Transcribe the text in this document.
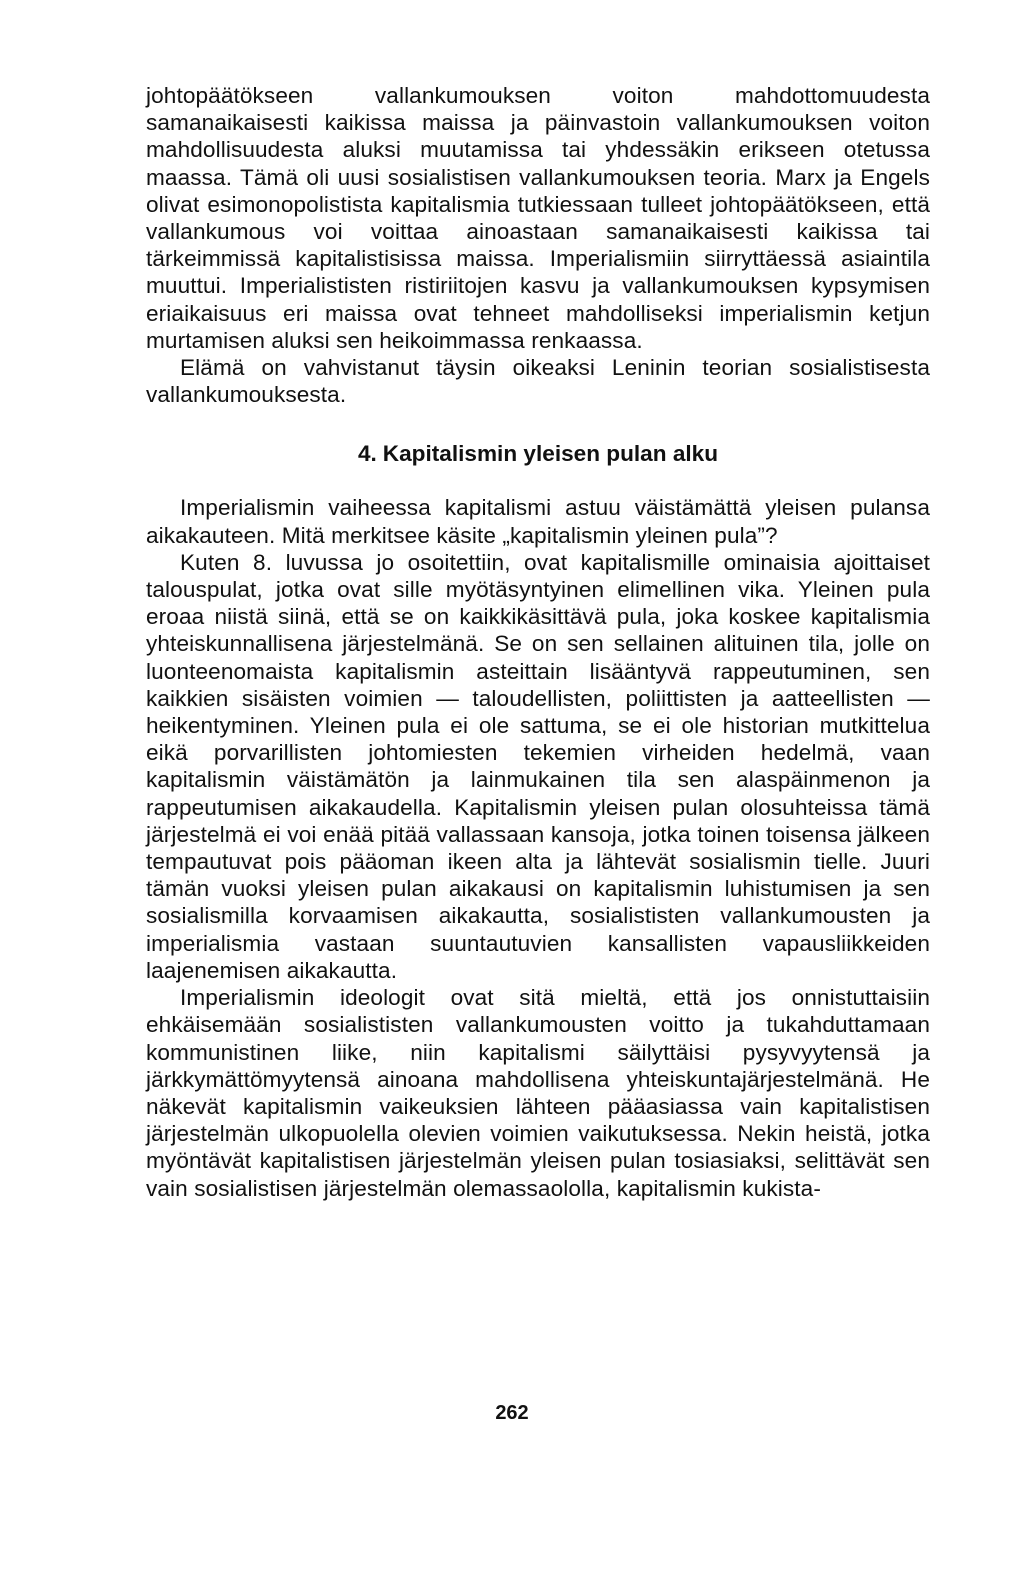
johtopäätökseen vallankumouksen voiton mahdottomuudesta samanaikaisesti kaikissa maissa ja päinvastoin vallankumouksen voiton mahdollisuudesta aluksi muutamissa tai yhdessäkin erikseen otetussa maassa. Tämä oli uusi sosialistisen vallankumouksen teoria. Marx ja Engels olivat esimonopolistista kapitalismia tutkiessaan tulleet johtopäätökseen, että vallankumous voi voittaa ainoastaan samanaikaisesti kaikissa tai tärkeimmissä kapitalistisissa maissa. Imperialismiin siirryttäessä asiaintila muuttui. Imperialististen ristiriitojen kasvu ja vallankumouksen kypsymisen eriaikaisuus eri maissa ovat tehneet mahdolliseksi imperialismin ketjun murtamisen aluksi sen heikoimmassa renkaassa.

Elämä on vahvistanut täysin oikeaksi Leninin teorian sosialistisesta vallankumouksesta.

4. Kapitalismin yleisen pulan alku

Imperialismin vaiheessa kapitalismi astuu väistämättä yleisen pulansa aikakauteen. Mitä merkitsee käsite „kapitalismin yleinen pula”?

Kuten 8. luvussa jo osoitettiin, ovat kapitalismille ominaisia ajoittaiset talouspulat, jotka ovat sille myötäsyntyinen elimellinen vika. Yleinen pula eroaa niistä siinä, että se on kaikkikäsittävä pula, joka koskee kapitalismia yhteiskunnallisena järjestelmänä. Se on sen sellainen alituinen tila, jolle on luonteenomaista kapitalismin asteittain lisääntyvä rappeutuminen, sen kaikkien sisäisten voimien — taloudellisten, poliittisten ja aatteellisten — heikentyminen. Yleinen pula ei ole sattuma, se ei ole historian mutkittelua eikä porvarillisten johtomiesten tekemien virheiden hedelmä, vaan kapitalismin väistämätön ja lainmukainen tila sen alaspäinmenon ja rappeutumisen aikakaudella. Kapitalismin yleisen pulan olosuhteissa tämä järjestelmä ei voi enää pitää vallassaan kansoja, jotka toinen toisensa jälkeen tempautuvat pois pääoman ikeen alta ja lähtevät sosialismin tielle. Juuri tämän vuoksi yleisen pulan aikakausi on kapitalismin luhistumisen ja sen sosialismilla korvaamisen aikakautta, sosialististen vallankumousten ja imperialismia vastaan suuntautuvien kansallisten vapausliikkeiden laajenemisen aikakautta.

Imperialismin ideologit ovat sitä mieltä, että jos onnistuttaisiin ehkäisemään sosialististen vallankumousten voitto ja tukahduttamaan kommunistinen liike, niin kapitalismi säilyttäisi pysyvyytensä ja järkkymättömyytensä ainoana mahdollisena yhteiskuntajärjestelmänä. He näkevät kapitalismin vaikeuksien lähteen pääasiassa vain kapitalistisen järjestelmän ulkopuolella olevien voimien vaikutuksessa. Nekin heistä, jotka myöntävät kapitalistisen järjestelmän yleisen pulan tosiasiaksi, selittävät sen vain sosialistisen järjestelmän olemassaololla, kapitalismin kukista-

262
